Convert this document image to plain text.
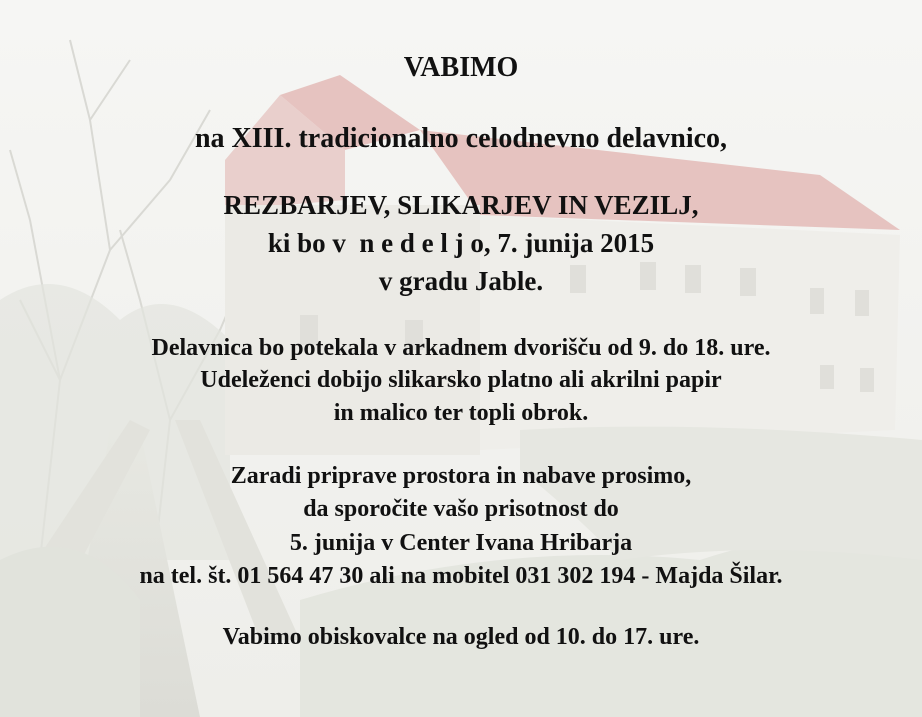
VABIMO
na XIII. tradicionalno celodnevno delavnico,
REZBARJEV, SLIKARJEV IN VEZILJ,
ki bo v  n e d e l j o, 7. junija 2015
v gradu Jable.
Delavnica bo potekala v arkadnem dvorišču od 9. do 18. ure.
Udeleženci dobijo slikarsko platno ali akrilni papir
in malico ter topli obrok.
Zaradi priprave prostora in nabave prosimo,
da sporočite vašo prisotnost do
5. junija v Center Ivana Hribarja
na tel. št. 01 564 47 30 ali na mobitel 031 302 194 - Majda Šilar.
Vabimo obiskovalce na ogled od 10. do 17. ure.
